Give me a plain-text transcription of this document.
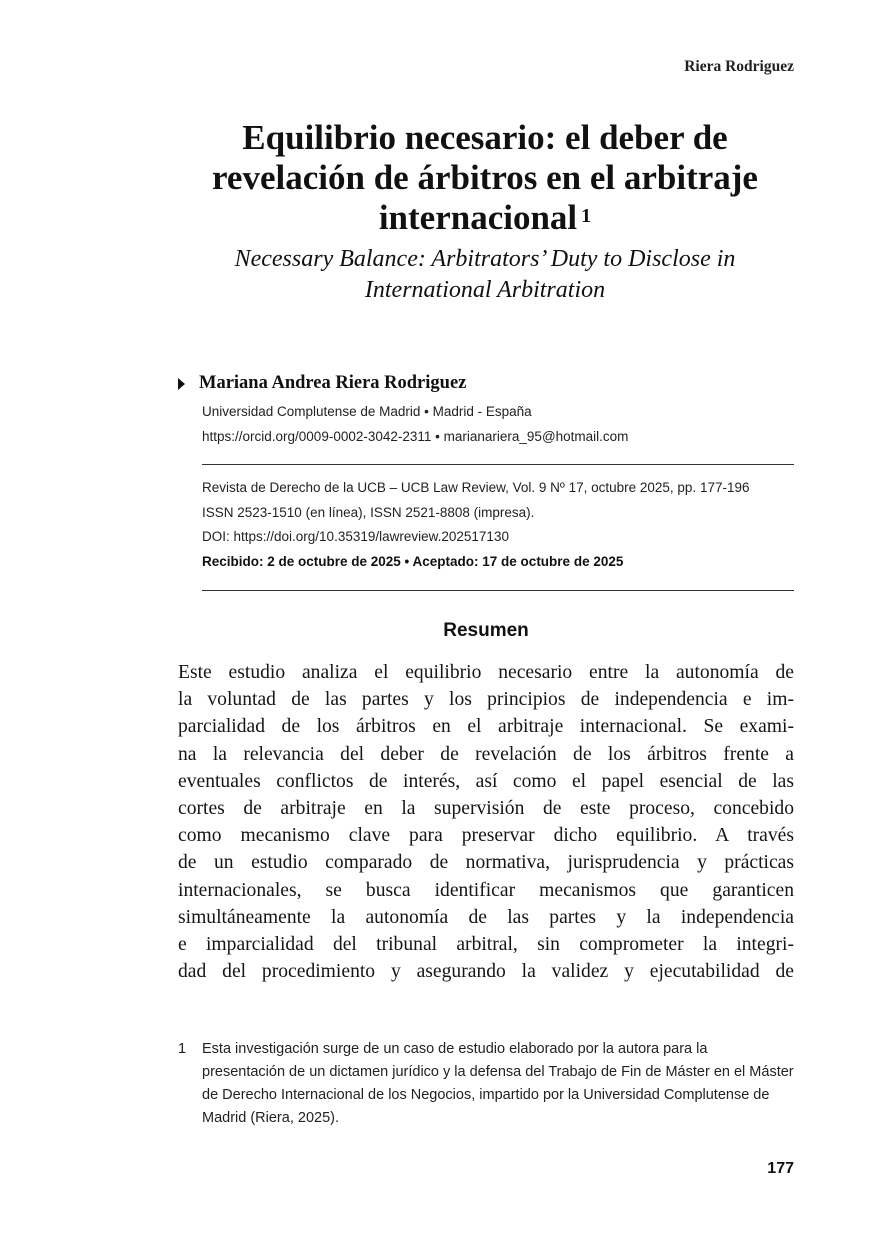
Riera Rodriguez
Equilibrio necesario: el deber de
revelación de árbitros en el arbitraje
internacional $^1$
Necessary Balance: Arbitrators’ Duty to Disclose in
International Arbitration
Mariana Andrea Riera Rodriguez
Universidad Complutense de Madrid • Madrid - España
https://orcid.org/0009-0002-3042-2311 • marianariera_95@hotmail.com
Revista de Derecho de la UCB – UCB Law Review, Vol. 9 Nº 17, octubre 2025, pp. 177-196
ISSN 2523-1510 (en línea), ISSN 2521-8808 (impresa).
DOI: https://doi.org/10.35319/lawreview.202517130
Recibido: 2 de octubre de 2025 • Aceptado: 17 de octubre de 2025
Resumen
Este estudio analiza el equilibrio necesario entre la autonomía de
la voluntad de las partes y los principios de independencia e im-
parcialidad de los árbitros en el arbitraje internacional. Se exami-
na la relevancia del deber de revelación de los árbitros frente a
eventuales conflictos de interés, así como el papel esencial de las
cortes de arbitraje en la supervisión de este proceso, concebido
como mecanismo clave para preservar dicho equilibrio. A través
de un estudio comparado de normativa, jurisprudencia y prácticas
internacionales, se busca identificar mecanismos que garanticen
simultáneamente la autonomía de las partes y la independencia
e imparcialidad del tribunal arbitral, sin comprometer la integri-
dad del procedimiento y asegurando la validez y ejecutabilidad de
1	Esta investigación surge de un caso de estudio elaborado por la autora para la presentación de un dictamen jurídico y la defensa del Trabajo de Fin de Máster en el Máster de Derecho Internacional de los Negocios, impartido por la Universidad Complutense de Madrid (Riera, 2025).
177
